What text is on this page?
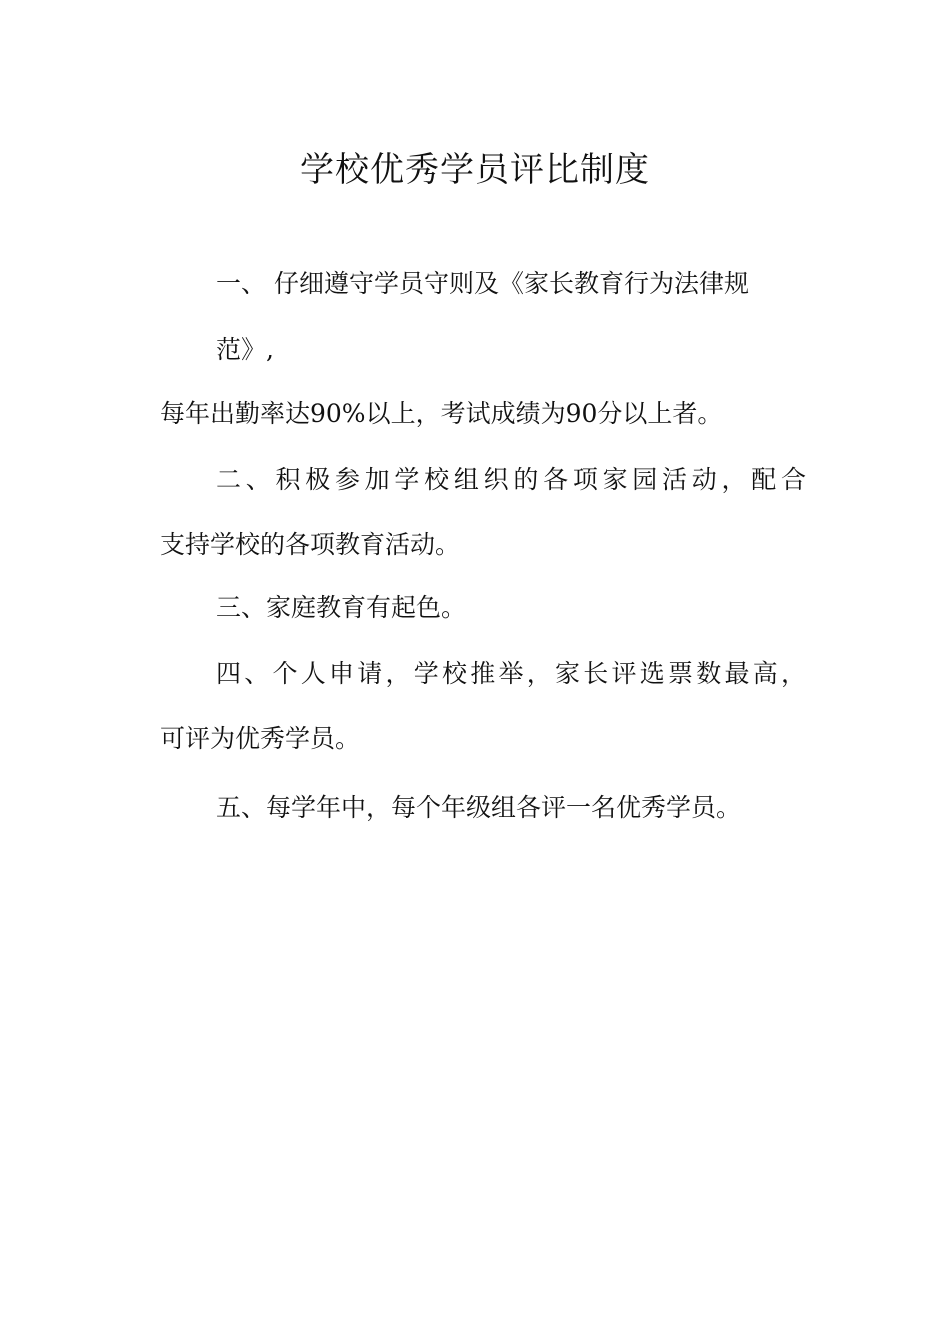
学校优秀学员评比制度
一、 仔细遵守学员守则及《家长教育行为法律规
范》,
每年出勤率达90%以上，考试成绩为90分以上者。
二、积极参加学校组织的各项家园活动，配合
支持学校的各项教育活动。
三、家庭教育有起色。
四、个人申请，学校推举，家长评选票数最高，
可评为优秀学员。
五、每学年中，每个年级组各评一名优秀学员。
